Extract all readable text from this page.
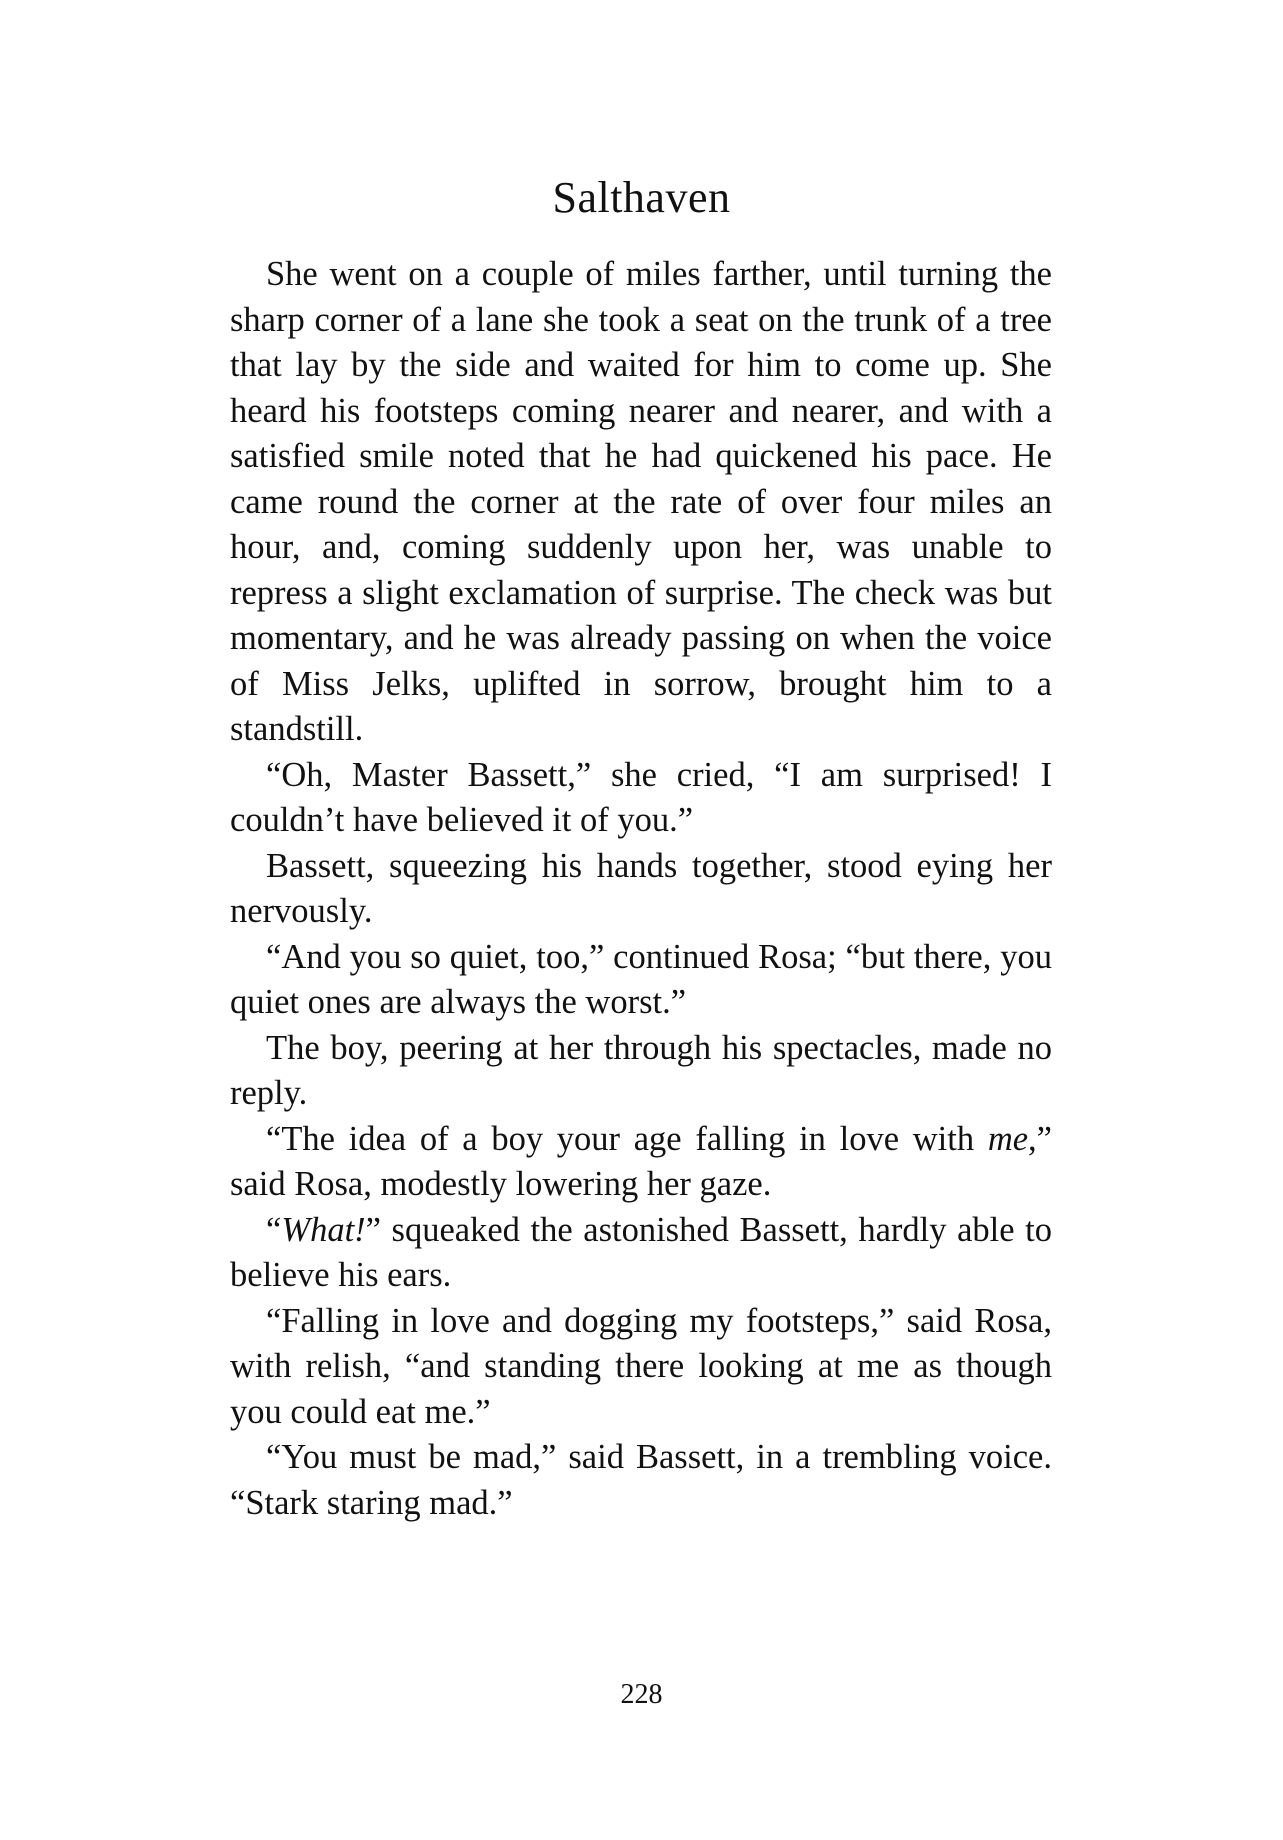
Salthaven

She went on a couple of miles farther, until turning the sharp corner of a lane she took a seat on the trunk of a tree that lay by the side and waited for him to come up. She heard his footsteps coming nearer and nearer, and with a satisfied smile noted that he had quickened his pace. He came round the corner at the rate of over four miles an hour, and, coming suddenly upon her, was unable to repress a slight exclamation of surprise. The check was but momentary, and he was already passing on when the voice of Miss Jelks, uplifted in sorrow, brought him to a standstill.

“Oh, Master Bassett,” she cried, “I am surprised! I couldn’t have believed it of you.”

Bassett, squeezing his hands together, stood eying her nervously.

“And you so quiet, too,” continued Rosa; “but there, you quiet ones are always the worst.”

The boy, peering at her through his spectacles, made no reply.

“The idea of a boy your age falling in love with me,” said Rosa, modestly lowering her gaze.

“What!” squeaked the astonished Bassett, hardly able to believe his ears.

“Falling in love and dogging my footsteps,” said Rosa, with relish, “and standing there looking at me as though you could eat me.”

“You must be mad,” said Bassett, in a trembling voice. “Stark staring mad.”

228
